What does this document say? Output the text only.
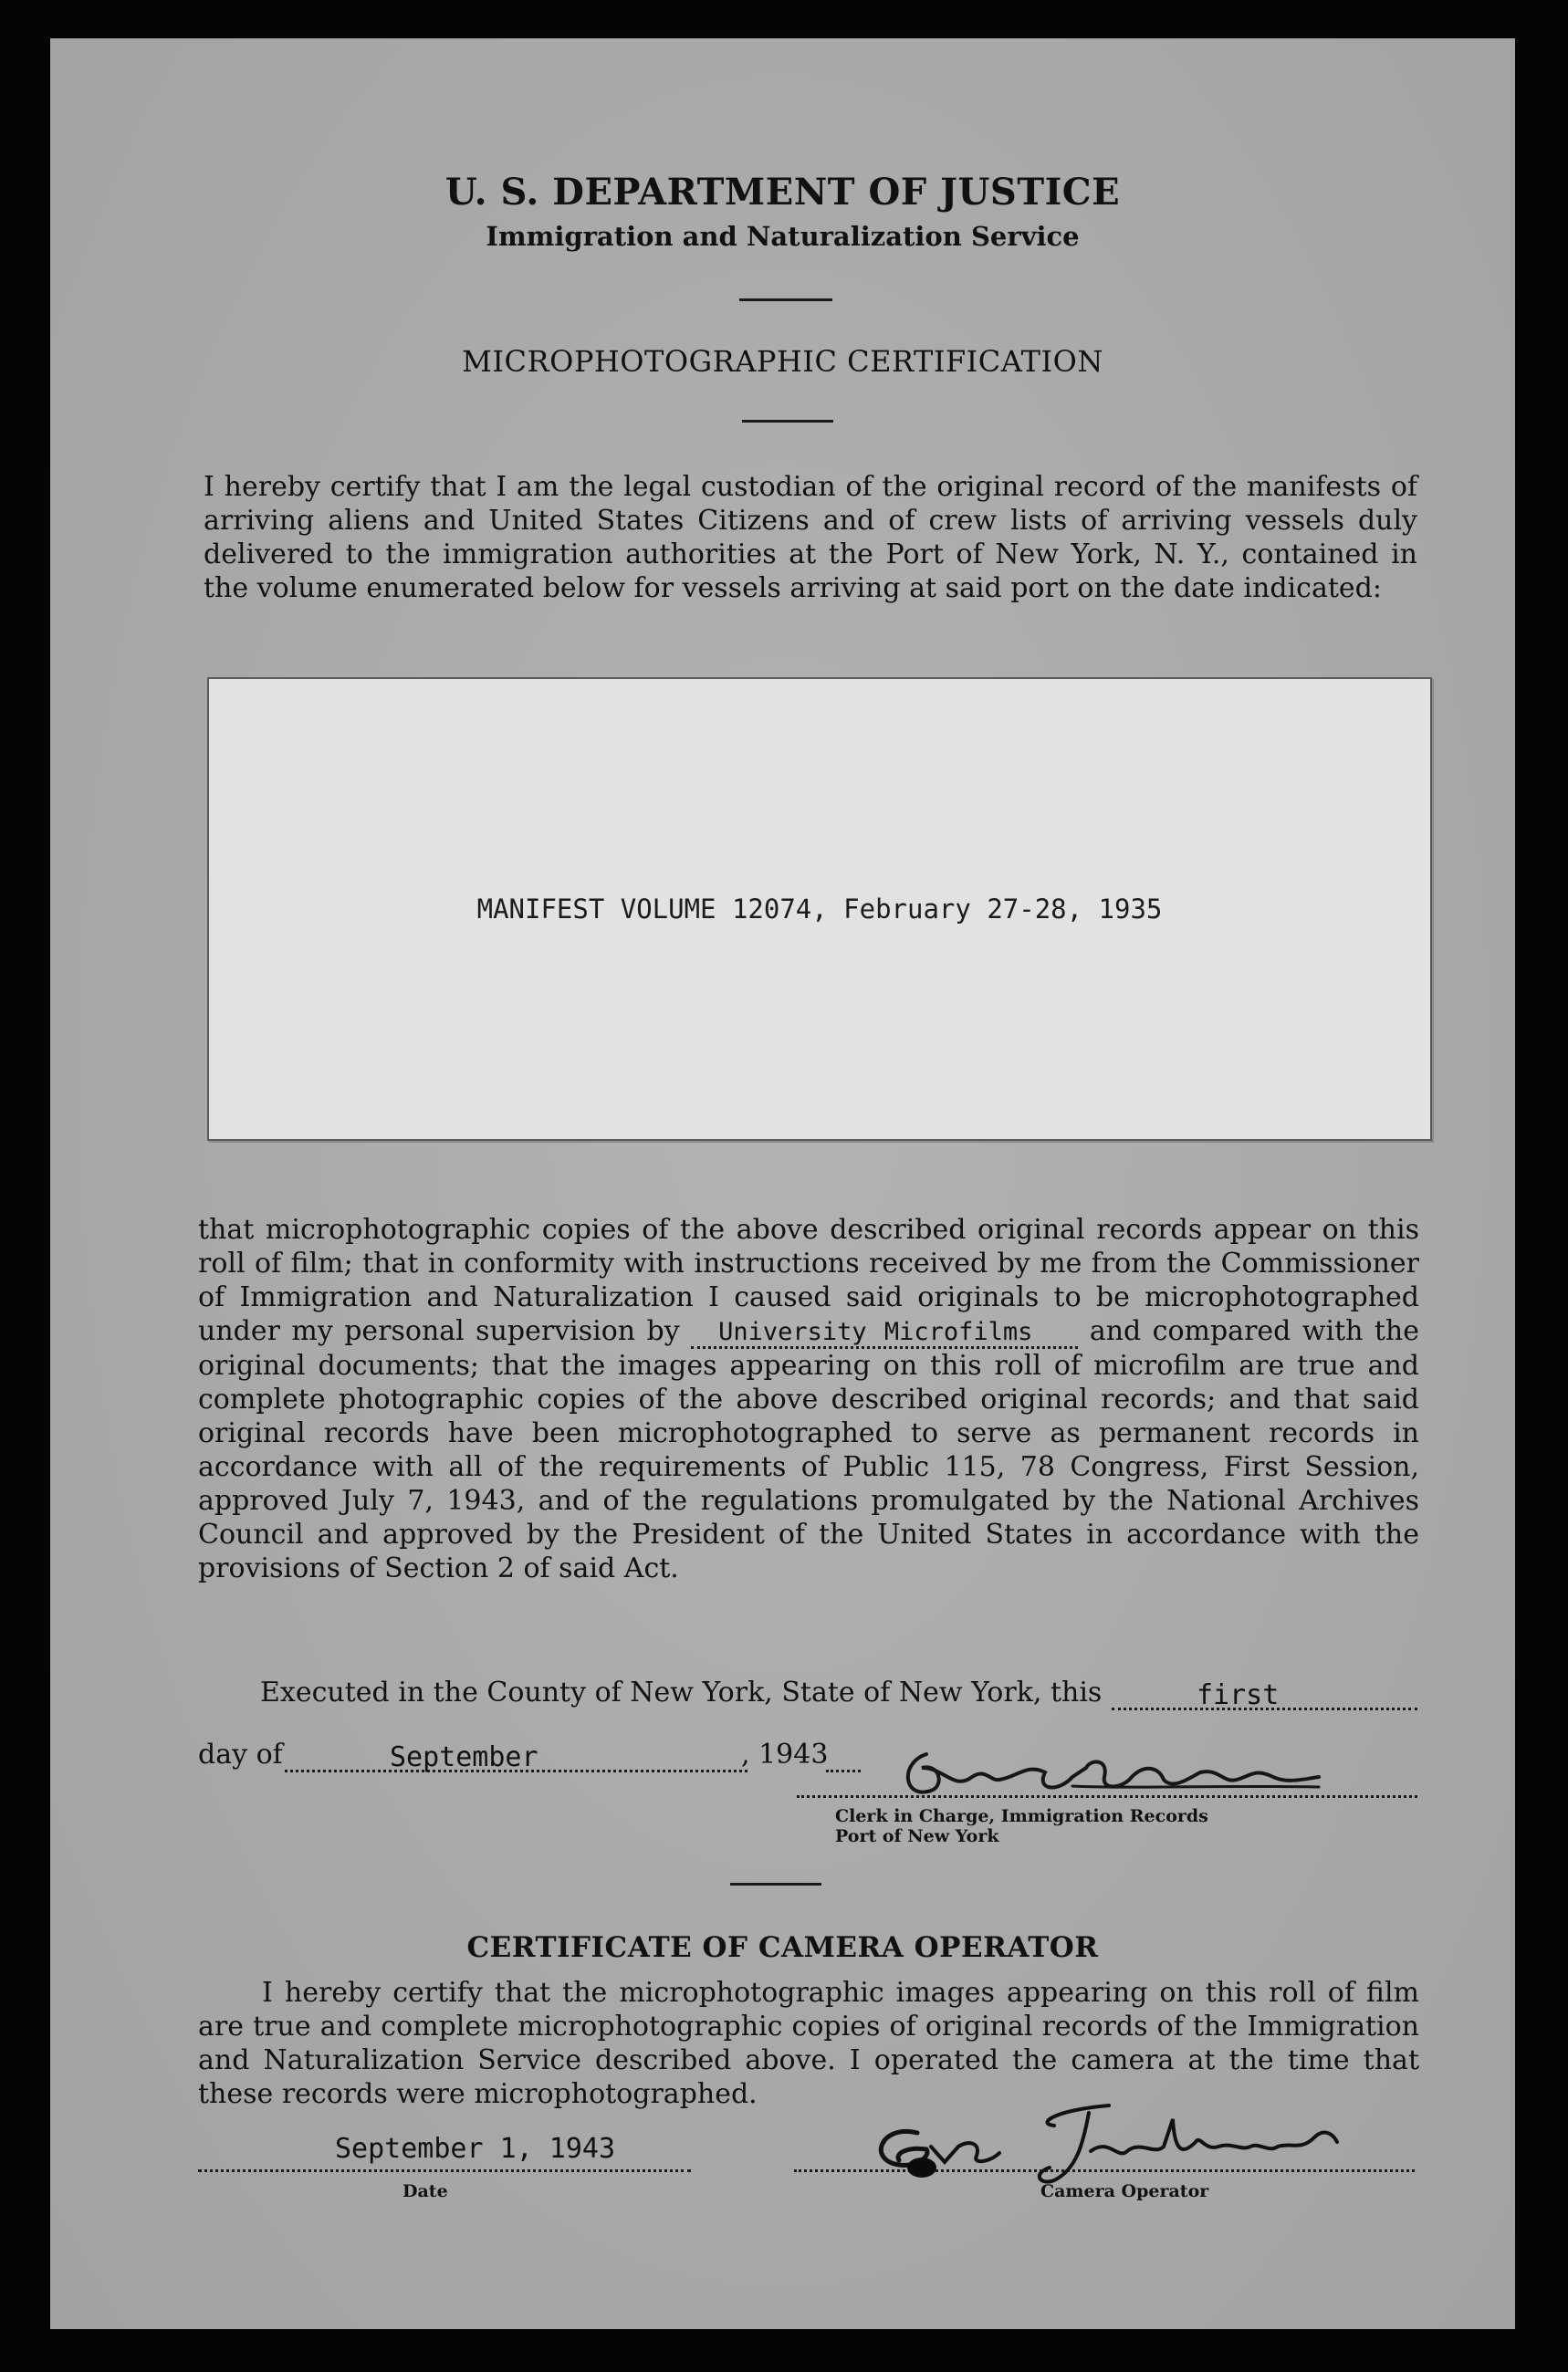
U. S. DEPARTMENT OF JUSTICE
Immigration and Naturalization Service
MICROPHOTOGRAPHIC CERTIFICATION

I hereby certify that I am the legal custodian of the original record of the manifests of arriving aliens and United States Citizens and of crew lists of arriving vessels duly delivered to the immigration authorities at the Port of New York, N. Y., contained in the volume enumerated below for vessels arriving at said port on the date indicated:

MANIFEST VOLUME 12074, February 27-28, 1935

that microphotographic copies of the above described original records appear on this roll of film; that in conformity with instructions received by me from the Commissioner of Immigration and Naturalization I caused said originals to be microphotographed under my personal supervision by University Microfilms and compared with the original documents; that the images appearing on this roll of microfilm are true and complete photographic copies of the above described original records; and that said original records have been microphotographed to serve as permanent records in accordance with all of the requirements of Public 115, 78 Congress, First Session, approved July 7, 1943, and of the regulations promulgated by the National Archives Council and approved by the President of the United States in accordance with the provisions of Section 2 of said Act.

Executed in the County of New York, State of New York, this	first
day of	September	, 1943
Clerk in Charge, Immigration Records
Port of New York
CERTIFICATE OF CAMERA OPERATOR

I hereby certify that the microphotographic images appearing on this roll of film are true and complete microphotographic copies of original records of the Immigration and Naturalization Service described above. I operated the camera at the time that these records were microphotographed.

September 1, 1943
Date	Camera Operator
